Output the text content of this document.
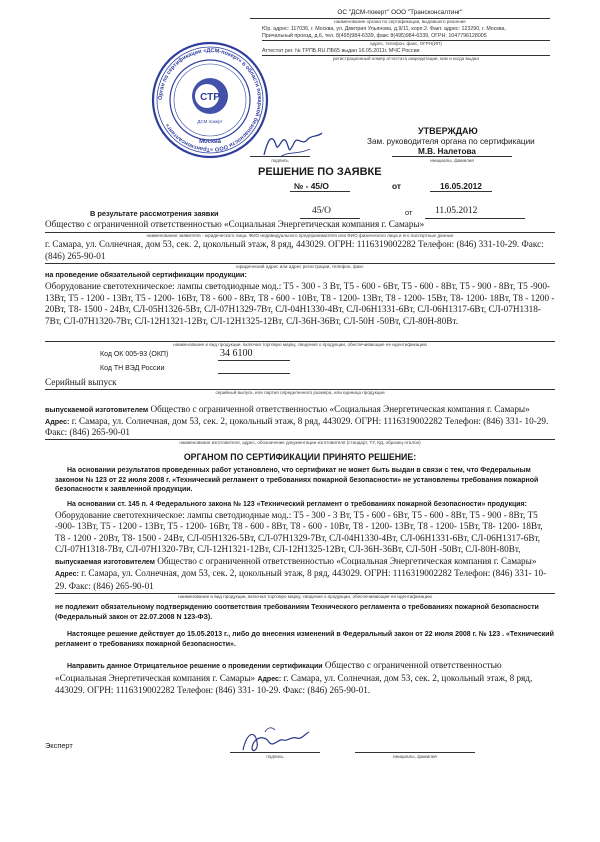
ОС "ДСМ-покерт" ООО "Трансконсалтинг"
наименование органа по сертификации, выдавшего решение
Юр. адрес: 117036, г. Москва, ул. Дмитрия Ульянова, д.9/11, корп.2. Факт. адрес: 123290, г. Москва,
Причальный проезд, д.6, тел. 8(495)984-6339, факс 8(495)984-6339, ОГРН: 1047796128005
адрес, телефон, факс, ОГРН(ИП)
Аттестат рег. № ТРПБ.RU.ПБ65 выдан 16.05.2011г. МЧС России
регистрационный номер аттестата аккредитации, кем и когда выдан
Орган по сертификации «ДСМ-покерт» в области пожарной безопасности ООО «Трансконсалтинг»
СТР
ДСМ покерт
Москва
УТВЕРЖДАЮ
Зам. руководителя органа по сертификации
М.В. Налетова
подпись	инициалы, фамилия
РЕШЕНИЕ ПО ЗАЯВКЕ
№ - 45/О	от	16.05.2012
В результате рассмотрения заявки	45/О	от 11.05.2012
Общество с ограниченной ответственностью «Социальная Энергетическая компания г. Самары»
наименование заявителя - юридического лица, ФИО индивидуального предпринимателя или ФИО физического лица и его паспортные данные
г. Самара, ул. Солнечная, дом 53, сек. 2, цокольный этаж, 8 ряд, 443029. ОГРН: 1116319002282 Телефон: (846) 331-10-29. Факс: (846) 265-90-01
юридический адрес или адрес регистрации, телефон, факс
на проведение обязательной сертификации продукции:
Оборудование светотехническое: лампы светодиодные мод.: Т5 - 300 - 3 Вт, Т5 - 600 - 6Вт, Т5 - 600 - 8Вт, Т5 - 900 - 8Вт, Т5 -900- 13Вт, Т5 - 1200 - 13Вт, Т5 - 1200- 16Вт, Т8 - 600 - 8Вт, Т8 - 600 - 10Вт, Т8 - 1200- 13Вт, Т8 - 1200- 15Вт, Т8- 1200- 18Вт, Т8 - 1200 - 20Вт, Т8- 1500 - 24Вт, СЛ-05Н1326-5Вт, СЛ-07Н1329-7Вт, СЛ-04Н1330-4Вт, СЛ-06Н1331-6Вт, СЛ-06Н1317-6Вт, СЛ-07Н1318-7Вт, СЛ-07Н1320-7Вт, СЛ-12Н1321-12Вт, СЛ-12Н1325-12Вт, СЛ-36Н-36Вт, СЛ-50Н -50Вт, СЛ-80Н-80Вт.
наименование и вид продукции, включая торговую марку, сведения о продукции, обеспечивающие ее идентификацию
Код ОК 005-93 (ОКП)	34 6100
Код ТН ВЭД России
Серийный выпуск
серийный выпуск, или партия определенного размера, или единица продукции
выпускаемой изготовителем Общество с ограниченной ответственностью «Социальная Энергетическая компания г. Самары» Адрес: г. Самара, ул. Солнечная, дом 53, сек. 2, цокольный этаж, 8 ряд, 443029. ОГРН: 1116319002282 Телефон: (846) 331- 10-29. Факс: (846) 265-90-01
наименование изготовителя, адрес, обозначение документации изготовителя (стандарт, ТУ, КД, образец-эталон)
ОРГАНОМ ПО СЕРТИФИКАЦИИ ПРИНЯТО РЕШЕНИЕ:
На основании результатов проведенных работ установлено, что сертификат не может быть выдан в связи с тем, что Федеральным законом № 123 от 22 июля 2008 г. «Технический регламент о требованиях пожарной безопасности» не установлены требования пожарной безопасности к заявленной продукции.
На основании ст. 145 п. 4 Федерального закона № 123 «Технический регламент о требованиях пожарной безопасности» продукция:
Оборудование светотехническое: лампы светодиодные мод.: Т5 - 300 - 3 Вт, Т5 - 600 - 6Вт, Т5 - 600 - 8Вт, Т5 - 900 - 8Вт, Т5 -900- 13Вт, Т5 - 1200 - 13Вт, Т5 - 1200- 16Вт, Т8 - 600 - 8Вт, Т8 - 600 - 10Вт, Т8 - 1200- 13Вт, Т8 - 1200- 15Вт, Т8- 1200- 18Вт, Т8 - 1200 - 20Вт, Т8- 1500 - 24Вт, СЛ-05Н1326-5Вт, СЛ-07Н1329-7Вт, СЛ-04Н1330-4Вт, СЛ-06Н1331-6Вт, СЛ-06Н1317-6Вт, СЛ-07Н1318-7Вт, СЛ-07Н1320-7Вт, СЛ-12Н1321-12Вт, СЛ-12Н1325-12Вт, СЛ-36Н-36Вт, СЛ-50Н -50Вт, СЛ-80Н-80Вт, выпускаемая изготовителем Общество с ограниченной ответственностью «Социальная Энергетическая компания г. Самары» Адрес: г. Самара, ул. Солнечная, дом 53, сек. 2, цокольный этаж, 8 ряд, 443029. ОГРН: 1116319002282 Телефон: (846) 331- 10-29. Факс: (846) 265-90-01
наименование и вид продукции, включая торговую марку, сведения о продукции, обеспечивающие ее идентификацию
не подлежит обязательному подтверждению соответствия требованиям Технического регламента о требованиях пожарной безопасности (Федеральный закон от 22.07.2008 N 123-ФЗ).
Настоящее решение действует до 15.05.2013 г., либо до внесения изменений в Федеральный закон от 22 июля 2008 г. № 123 . «Технический регламент о требованиях пожарной безопасности».
Направить данное Отрицательное решение о проведении сертификации Общество с ограниченной ответственностью «Социальная Энергетическая компания г. Самары» Адрес: г. Самара, ул. Солнечная, дом 53, сек. 2, цокольный этаж, 8 ряд, 443029. ОГРН: 1116319002282 Телефон: (846) 331- 10-29. Факс: (846) 265-90-01.
Эксперт
подпись	инициалы, фамилия
